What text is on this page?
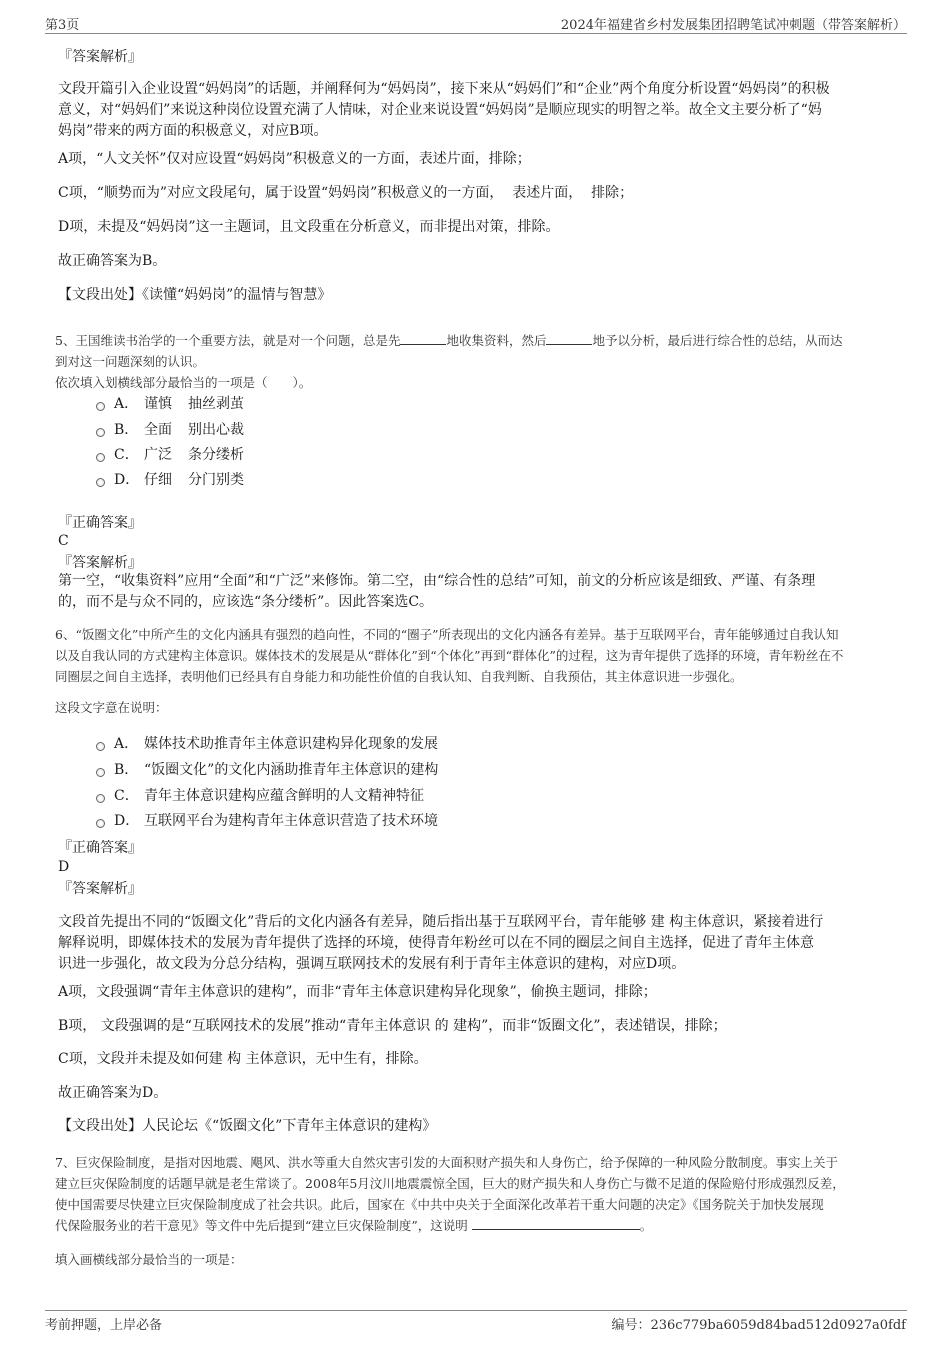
第3页	2024年福建省乡村发展集团招聘笔试冲刺题（带答案解析）
『答案解析』
文段开篇引入企业设置“妈妈岗”的话题，并阐释何为“妈妈岗”，接下来从“妈妈们”和“企业”两个角度分析设置“妈妈岗”的积极
意义，对“妈妈们”来说这种岗位设置充满了人情味，对企业来说设置“妈妈岗”是顺应现实的明智之举。故全文主要分析了“妈
妈岗”带来的两方面的积极意义，对应B项。
A项，“人文关怀”仅对应设置“妈妈岗”积极意义的一方面，表述片面，排除；
C项，“顺势而为”对应文段尾句，属于设置“妈妈岗”积极意义的一方面，  表述片面，  排除；
D项，未提及“妈妈岗”这一主题词，且文段重在分析意义，而非提出对策，排除。
故正确答案为B。
【文段出处】《读懂“妈妈岗”的温情与智慧》
5、王国维读书治学的一个重要方法，就是对一个问题，总是先	地收集资料，然后	地予以分析，最后进行综合性的总结，从而达
到对这一问题深刻的认识。
依次填入划横线部分最恰当的一项是（　　）。
A． 谨慎 抽丝剥茧
B． 全面 别出心裁
C． 广泛 条分缕析
D． 仔细 分门别类
『正确答案』
C
『答案解析』
第一空，“收集资料”应用“全面”和“广泛”来修饰。第二空，由“综合性的总结”可知，前文的分析应该是细致、严谨、有条理
的，而不是与众不同的，应该选“条分缕析”。因此答案选C。
6、“饭圈文化”中所产生的文化内涵具有强烈的趋向性，不同的“圈子”所表现出的文化内涵各有差异。基于互联网平台，青年能够通过自我认知
以及自我认同的方式建构主体意识。媒体技术的发展是从“群体化”到“个体化”再到“群体化”的过程，这为青年提供了选择的环境，青年粉丝在不
同圈层之间自主选择，表明他们已经具有自身能力和功能性价值的自我认知、自我判断、自我预估，其主体意识进一步强化。
这段文字意在说明：
A． 媒体技术助推青年主体意识建构异化现象的发展
B． “饭圈文化”的文化内涵助推青年主体意识的建构
C． 青年主体意识建构应蕴含鲜明的人文精神特征
D． 互联网平台为建构青年主体意识营造了技术环境
『正确答案』
D
『答案解析』
文段首先提出不同的“饭圈文化”背后的文化内涵各有差异，随后指出基于互联网平台，青年能够 建 构主体意识，紧接着进行
解释说明，即媒体技术的发展为青年提供了选择的环境，使得青年粉丝可以在不同的圈层之间自主选择，促进了青年主体意
识进一步强化，故文段为分总分结构，强调互联网技术的发展有利于青年主体意识的建构，对应D项。
A项，文段强调“青年主体意识的建构”，而非“青年主体意识建构异化现象”，偷换主题词，排除；
B项， 文段强调的是“互联网技术的发展”推动“青年主体意识 的 建构”，而非“饭圈文化”，表述错误，排除；
C项，文段并未提及如何建 构 主体意识，无中生有，排除。
故正确答案为D。
【文段出处】人民论坛《“饭圈文化”下青年主体意识的建构》
7、巨灾保险制度，是指对因地震、飓风、洪水等重大自然灾害引发的大面积财产损失和人身伤亡，给予保障的一种风险分散制度。事实上关于
建立巨灾保险制度的话题早就是老生常谈了。2008年5月汶川地震震惊全国，巨大的财产损失和人身伤亡与微不足道的保险赔付形成强烈反差，
使中国需要尽快建立巨灾保险制度成了社会共识。此后，国家在《中共中央关于全面深化改革若干重大问题的决定》《国务院关于加快发展现
代保险服务业的若干意见》等文件中先后提到“建立巨灾保险制度”，这说明	。
填入画横线部分最恰当的一项是：
考前押题，上岸必备	编号：236c779ba6059d84bad512d0927a0fdf
